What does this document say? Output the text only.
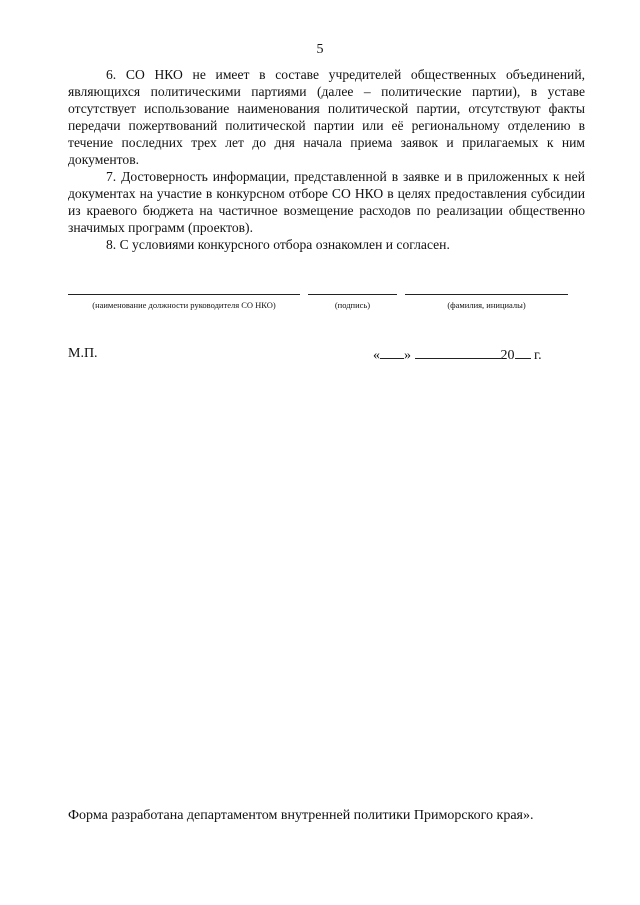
5

6. СО НКО не имеет в составе учредителей общественных объединений, являющихся политическими партиями (далее – политические партии), в уставе отсутствует использование наименования политической партии, отсутствуют факты передачи пожертвований политической партии или её региональному отделению в течение последних трех лет до дня начала приема заявок и прилагаемых к ним документов.

7. Достоверность информации, представленной в заявке и в приложенных к ней документах на участие в конкурсном отборе СО НКО в целях предоставления субсидии из краевого бюджета на частичное возмещение расходов по реализации общественно значимых программ (проектов).

8. С условиями конкурсного отбора ознакомлен и согласен.

(наименование должности руководителя СО НКО)	(подпись)	(фамилия, инициалы)
М.П.	« »	20 г.
Форма разработана департаментом внутренней политики Приморского края».
